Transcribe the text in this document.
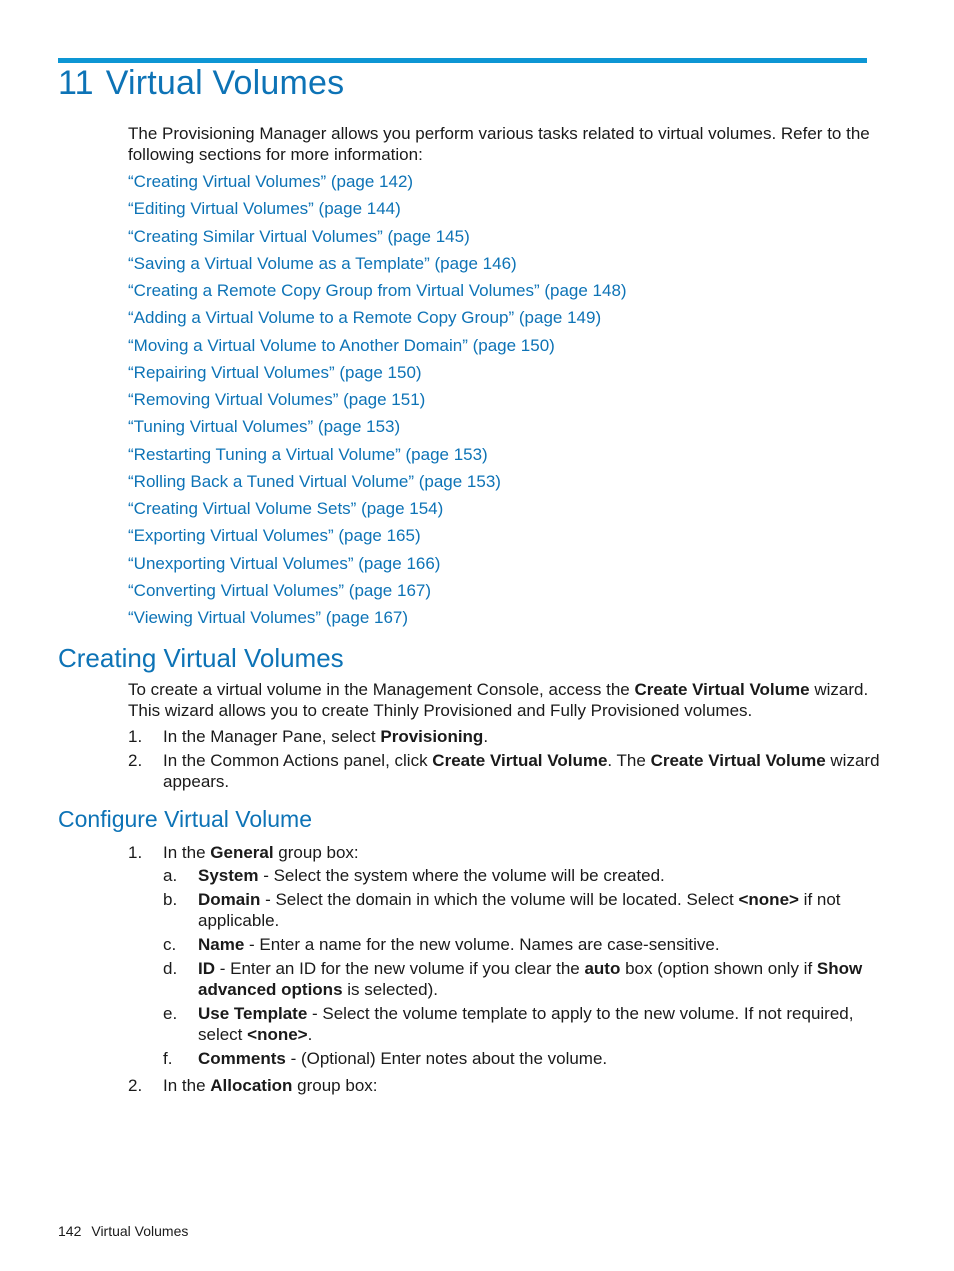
11 Virtual Volumes

The Provisioning Manager allows you perform various tasks related to virtual volumes. Refer to the following sections for more information:

“Creating Virtual Volumes” (page 142)
“Editing Virtual Volumes” (page 144)
“Creating Similar Virtual Volumes” (page 145)
“Saving a Virtual Volume as a Template” (page 146)
“Creating a Remote Copy Group from Virtual Volumes” (page 148)
“Adding a Virtual Volume to a Remote Copy Group” (page 149)
“Moving a Virtual Volume to Another Domain” (page 150)
“Repairing Virtual Volumes” (page 150)
“Removing Virtual Volumes” (page 151)
“Tuning Virtual Volumes” (page 153)
“Restarting Tuning a Virtual Volume” (page 153)
“Rolling Back a Tuned Virtual Volume” (page 153)
“Creating Virtual Volume Sets” (page 154)
“Exporting Virtual Volumes” (page 165)
“Unexporting Virtual Volumes” (page 166)
“Converting Virtual Volumes” (page 167)
“Viewing Virtual Volumes” (page 167)
Creating Virtual Volumes

To create a virtual volume in the Management Console, access the Create Virtual Volume wizard.

This wizard allows you to create Thinly Provisioned and Fully Provisioned volumes.

1. In the Manager Pane, select Provisioning.
2. In the Common Actions panel, click Create Virtual Volume. The Create Virtual Volume wizard
appears.
Configure Virtual Volume
1. In the General group box:
a. System - Select the system where the volume will be created.
b. Domain - Select the domain in which the volume will be located. Select <none> if not
applicable.
c. Name - Enter a name for the new volume. Names are case-sensitive.
d. ID - Enter an ID for the new volume if you clear the auto box (option shown only if Show
advanced options is selected).
e. Use Template - Select the volume template to apply to the new volume. If not required,
select <none>.
f. Comments - (Optional) Enter notes about the volume.
2. In the Allocation group box:
142 Virtual Volumes
